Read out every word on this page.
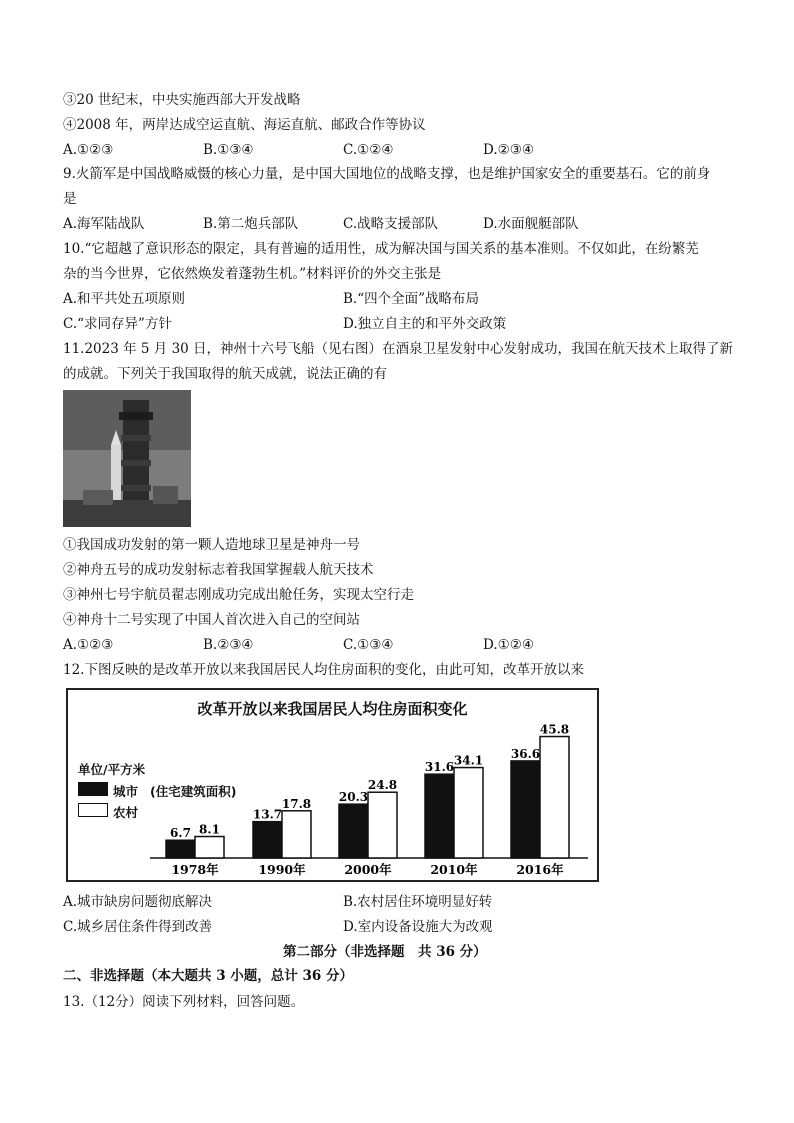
③20 世纪末，中央实施西部大开发战略
④2008 年，两岸达成空运直航、海运直航、邮政合作等协议
A.①②③	B.①③④	C.①②④	D.②③④
9.火箭军是中国战略威慑的核心力量，是中国大国地位的战略支撑，也是维护国家安全的重要基石。它的前身
是
A.海军陆战队	B.第二炮兵部队	C.战略支援部队	D.水面舰艇部队
10.“它超越了意识形态的限定，具有普遍的适用性，成为解决国与国关系的基本准则。不仅如此，在纷繁芜
杂的当今世界，它依然焕发着蓬勃生机。”材料评价的外交主张是
A.和平共处五项原则	B.“四个全面”战略布局
C.“求同存异”方针	D.独立自主的和平外交政策
11.2023 年 5 月 30 日，神州十六号飞船（见右图）在酒泉卫星发射中心发射成功，我国在航天技术上取得了新
的成就。下列关于我国取得的航天成就，说法正确的有
①我国成功发射的第一颗人造地球卫星是神舟一号
②神舟五号的成功发射标志着我国掌握载人航天技术
③神州七号宇航员翟志刚成功完成出舱任务，实现太空行走
④神舟十二号实现了中国人首次进入自己的空间站
A.①②③	B.②③④	C.①③④	D.①②④
12.下图反映的是改革开放以来我国居民人均住房面积的变化，由此可知，改革开放以来
改革开放以来我国居民人均住房面积变化
单位/平方米
城市 (住宅建筑面积)
农村
6.7 8.1
1978年
13.7
17.8
1990年
20.3
24.8
2000年
31.6 34.1
2010年
36.6
45.8
2016年
A.城市缺房问题彻底解决	B.农村居住环境明显好转
C.城乡居住条件得到改善	D.室内设备设施大为改观
第二部分（非选择题　共 36 分）
二、非选择题（本大题共 3 小题，总计 36 分）
13.（12分）阅读下列材料，回答问题。
